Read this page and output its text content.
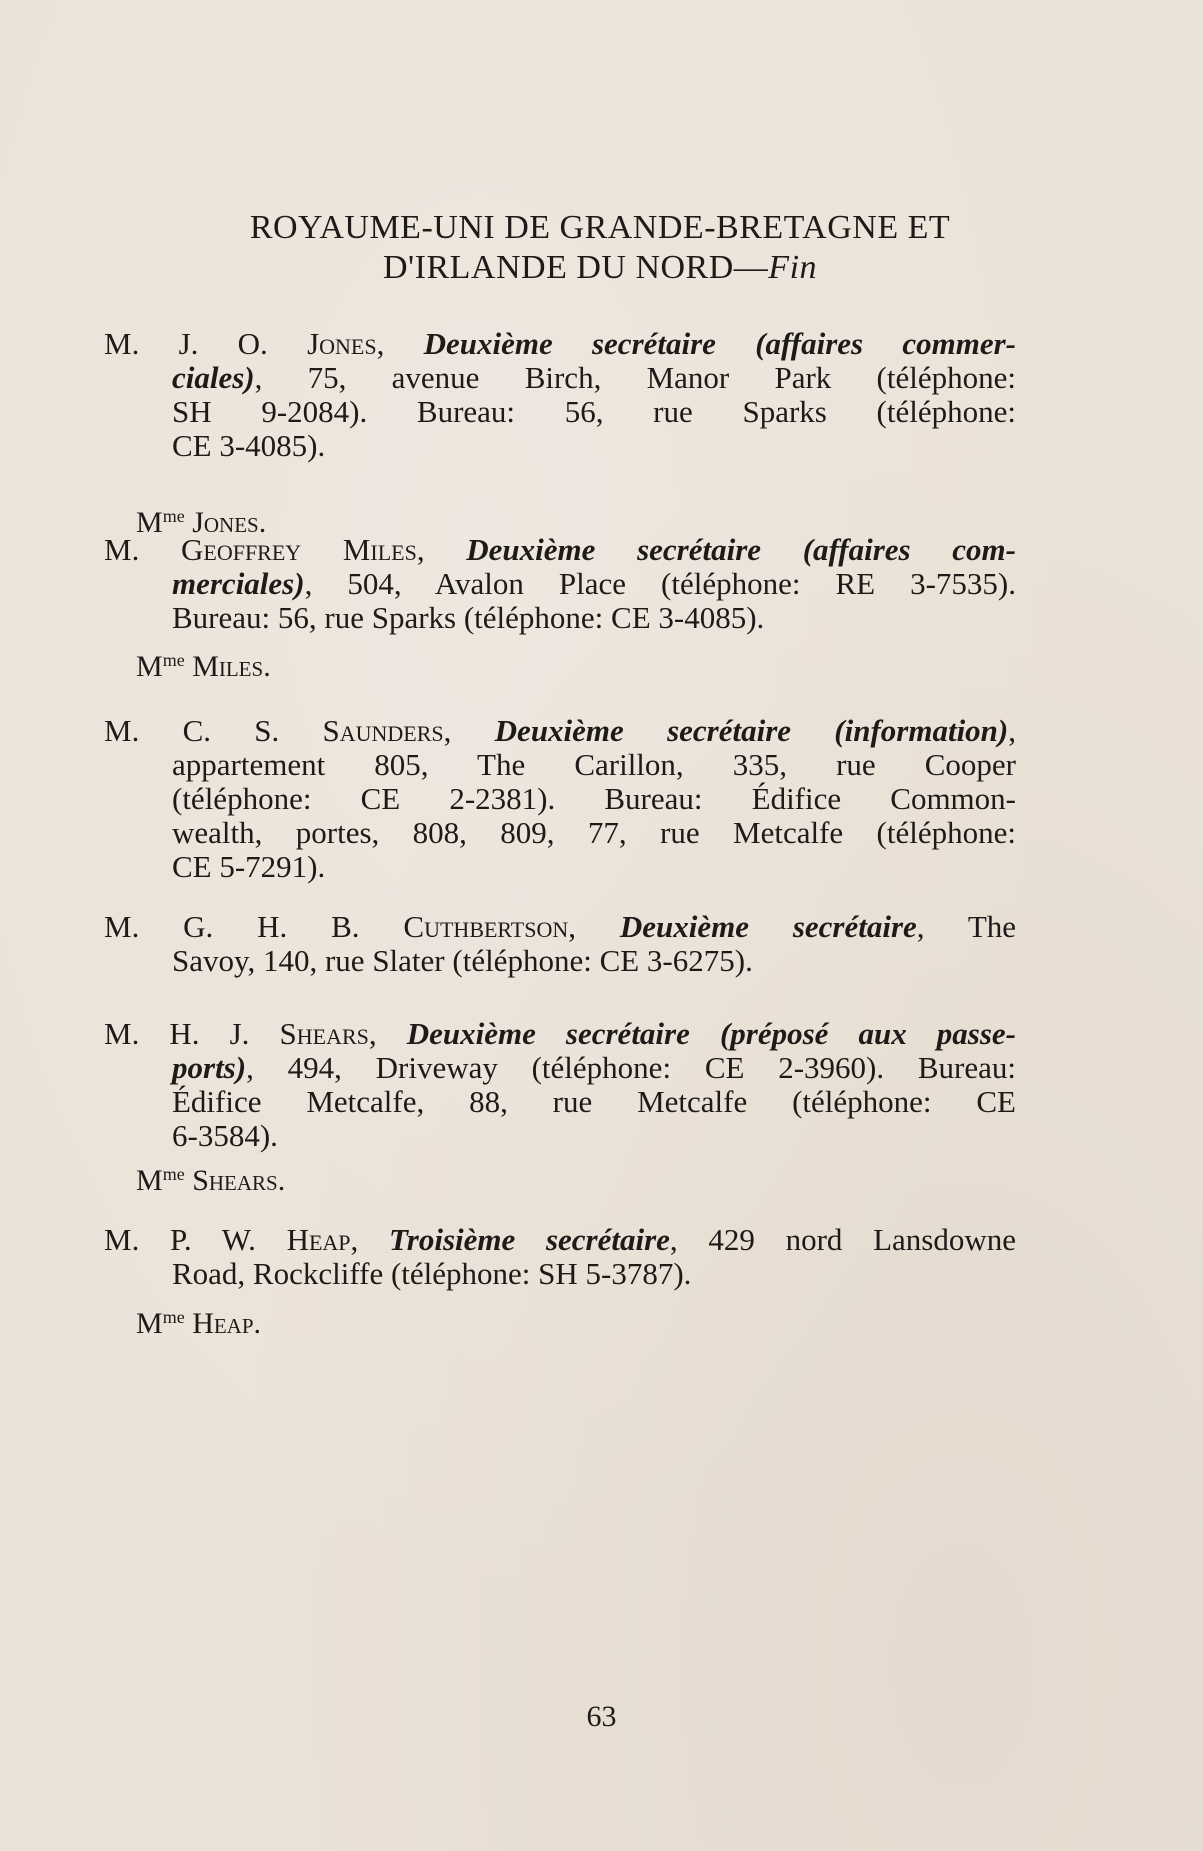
ROYAUME-UNI DE GRANDE-BRETAGNE ET
D'IRLANDE DU NORD—Fin
M. J. O. Jones, Deuxième secrétaire (affaires commer-
ciales), 75, avenue Birch, Manor Park (téléphone:
SH 9-2084). Bureau: 56, rue Sparks (téléphone:
CE 3-4085).
$M^{me}$ Jones.
M. Geoffrey Miles, Deuxième secrétaire (affaires com-
merciales), 504, Avalon Place (téléphone: RE 3-7535).
Bureau: 56, rue Sparks (téléphone: CE 3-4085).
$M^{me}$ Miles.
M. C. S. Saunders, Deuxième secrétaire (information),
appartement 805, The Carillon, 335, rue Cooper
(téléphone: CE 2-2381). Bureau: Édifice Common-
wealth, portes, 808, 809, 77, rue Metcalfe (téléphone:
CE 5-7291).
M. G. H. B. Cuthbertson, Deuxième secrétaire, The
Savoy, 140, rue Slater (téléphone: CE 3-6275).
M. H. J. Shears, Deuxième secrétaire (préposé aux passe-
ports), 494, Driveway (téléphone: CE 2-3960). Bureau:
Édifice Metcalfe, 88, rue Metcalfe (téléphone: CE
6-3584).
$M^{me}$ Shears.
M. P. W. Heap, Troisième secrétaire, 429 nord Lansdowne
Road, Rockcliffe (téléphone: SH 5-3787).
$M^{me}$ Heap.
63
